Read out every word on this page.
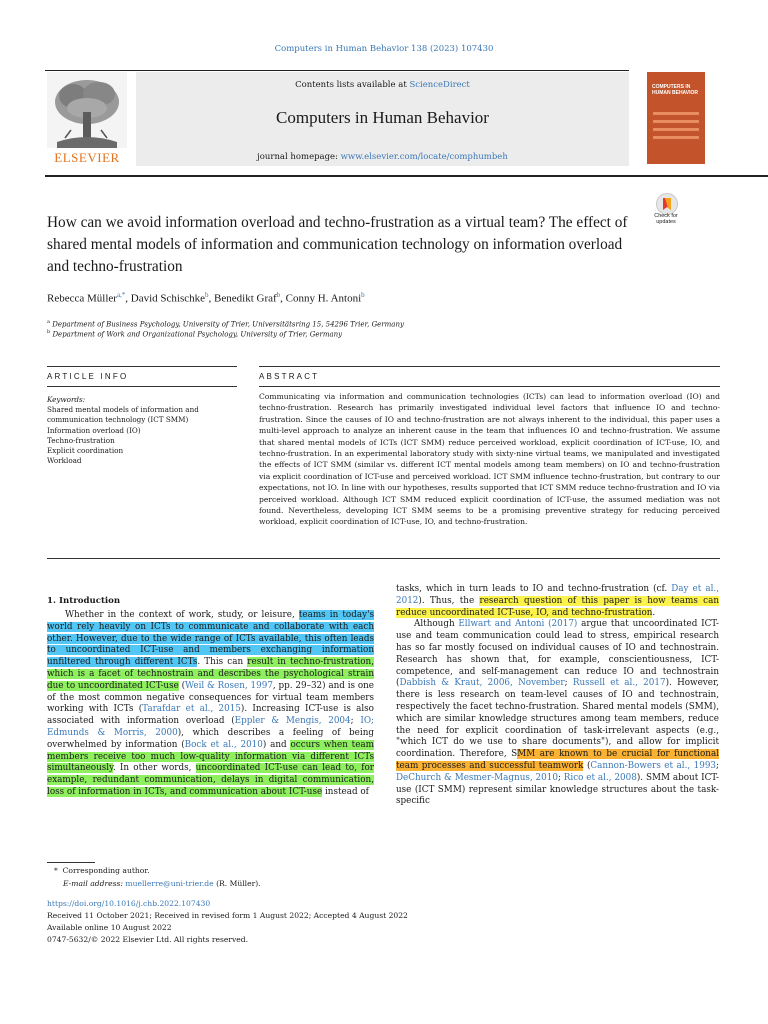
Computers in Human Behavior 138 (2023) 107430
Contents lists available at ScienceDirect
Computers in Human Behavior
journal homepage: www.elsevier.com/locate/comphumbeh
ELSEVIER
COMPUTERS IN HUMAN BEHAVIOR
Check for
updates
How can we avoid information overload and techno-frustration as a virtual team? The effect of shared mental models of information and communication technology on information overload and techno-frustration
Rebecca Müller$^{a,*}$, David Schischke$^b$, Benedikt Graf$^b$, Conny H. Antoni$^b$
$^a$ Department of Business Psychology, University of Trier, Universitätsring 15, 54296 Trier, Germany
$^b$ Department of Work and Organizational Psychology, University of Trier, Germany
ARTICLE INFO	ABSTRACT
Keywords:
Shared mental models of information and
communication technology (ICT SMM)
Information overload (IO)
Techno-frustration
Explicit coordination
Workload
Communicating via information and communication technologies (ICTs) can lead to information overload (IO) and techno-frustration. Research has primarily investigated individual level factors that influence IO and techno-frustration. Since the causes of IO and techno-frustration are not always inherent to the individual, this paper uses a multi-level approach to analyze an inherent cause in the team that influences IO and techno-frustration. We assume that shared mental models of ICTs (ICT SMM) reduce perceived workload, explicit coordination of ICT-use, IO, and techno-frustration. In an experimental laboratory study with sixty-nine virtual teams, we manipulated and investigated the effects of ICT SMM (similar vs. different ICT mental models among team members) on IO and techno-frustration via explicit coordination of ICT-use and perceived workload. ICT SMM influence techno-frustration, but contrary to our expectations, not IO. In line with our hypotheses, results supported that ICT SMM reduce techno-frustration and IO via perceived workload. Although ICT SMM reduced explicit coordination of ICT-use, the assumed mediation was not found. Nevertheless, developing ICT SMM seems to be a promising preventive strategy for reducing perceived workload, explicit coordination of ICT-use, IO, and techno-frustration.
1. Introduction
Whether in the context of work, study, or leisure, teams in today's world rely heavily on ICTs to communicate and collaborate with each other. However, due to the wide range of ICTs available, this often leads to uncoordinated ICT-use and members exchanging information unfiltered through different ICTs. This can result in techno-frustration, which is a facet of technostrain and describes the psychological strain due to uncoordinated ICT-use (Weil & Rosen, 1997, pp. 29–32) and is one of the most common negative consequences for virtual team members working with ICTs (Tarafdar et al., 2015). Increasing ICT-use is also associated with information overload (Eppler & Mengis, 2004; IO; Edmunds & Morris, 2000), which describes a feeling of being overwhelmed by information (Bock et al., 2010) and occurs when team members receive too much low-quality information via different ICTs simultaneously. In other words, uncoordinated ICT-use can lead to, for example, redundant communication, delays in digital communication, loss of information in ICTs, and communication about ICT-use instead of

tasks, which in turn leads to IO and techno-frustration (cf. Day et al., 2012). Thus, the research question of this paper is how teams can reduce uncoordinated ICT-use, IO, and techno-frustration.

Although Ellwart and Antoni (2017) argue that uncoordinated ICT-use and team communication could lead to stress, empirical research has so far mostly focused on individual causes of IO and technostrain. Research has shown that, for example, conscientiousness, ICT-competence, and self-management can reduce IO and technostrain (Dabbish & Kraut, 2006, November; Russell et al., 2017). However, there is less research on team-level causes of IO and technostrain, respectively the facet techno-frustration. Shared mental models (SMM), which are similar knowledge structures among team members, reduce the need for explicit coordination of task-irrelevant aspects (e.g., "which ICT do we use to share documents"), and allow for implicit coordination. Therefore, SMM are known to be crucial for functional team processes and successful teamwork (Cannon-Bowers et al., 1993; DeChurch & Mesmer-Magnus, 2010; Rico et al., 2008). SMM about ICT-use (ICT SMM) represent similar knowledge structures about the task-specific

* Corresponding author.
E-mail address: muellerre@uni-trier.de (R. Müller).
https://doi.org/10.1016/j.chb.2022.107430
Received 11 October 2021; Received in revised form 1 August 2022; Accepted 4 August 2022
Available online 10 August 2022
0747-5632/© 2022 Elsevier Ltd. All rights reserved.
